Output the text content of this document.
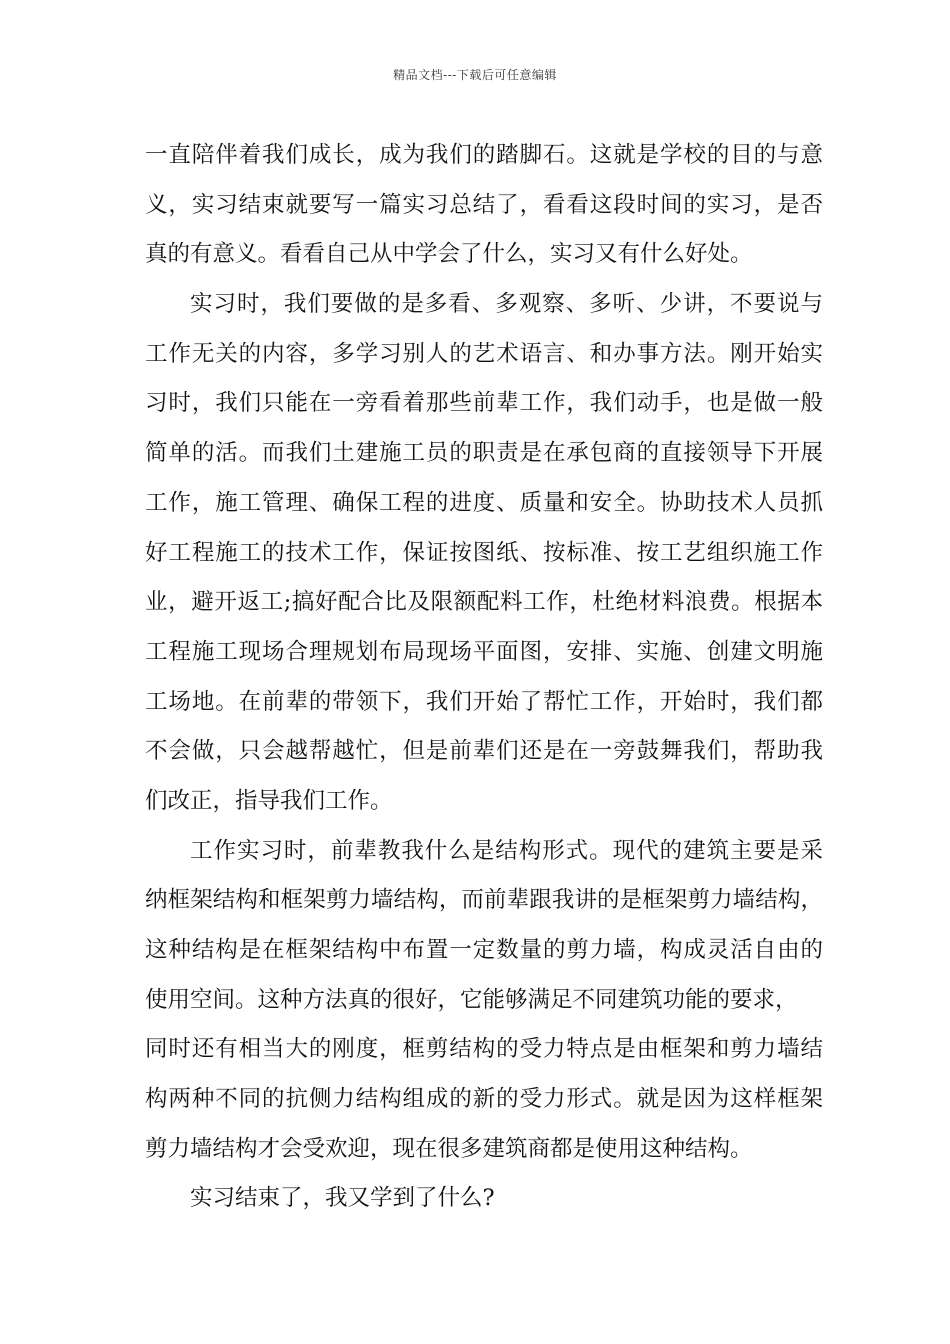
精品文档---下载后可任意编辑
一直陪伴着我们成长，成为我们的踏脚石。这就是学校的目的与意
义，实习结束就要写一篇实习总结了，看看这段时间的实习，是否
真的有意义。看看自己从中学会了什么，实习又有什么好处。
实习时，我们要做的是多看、多观察、多听、少讲，不要说与
工作无关的内容，多学习别人的艺术语言、和办事方法。刚开始实
习时，我们只能在一旁看着那些前辈工作，我们动手，也是做一般
简单的活。而我们土建施工员的职责是在承包商的直接领导下开展
工作，施工管理、确保工程的进度、质量和安全。协助技术人员抓
好工程施工的技术工作，保证按图纸、按标准、按工艺组织施工作
业，避开返工;搞好配合比及限额配料工作，杜绝材料浪费。根据本
工程施工现场合理规划布局现场平面图，安排、实施、创建文明施
工场地。在前辈的带领下，我们开始了帮忙工作，开始时，我们都
不会做，只会越帮越忙，但是前辈们还是在一旁鼓舞我们，帮助我
们改正，指导我们工作。
工作实习时，前辈教我什么是结构形式。现代的建筑主要是采
纳框架结构和框架剪力墙结构，而前辈跟我讲的是框架剪力墙结构，
这种结构是在框架结构中布置一定数量的剪力墙，构成灵活自由的
使用空间。这种方法真的很好，它能够满足不同建筑功能的要求，
同时还有相当大的刚度，框剪结构的受力特点是由框架和剪力墙结
构两种不同的抗侧力结构组成的新的受力形式。就是因为这样框架
剪力墙结构才会受欢迎，现在很多建筑商都是使用这种结构。
实习结束了，我又学到了什么?
